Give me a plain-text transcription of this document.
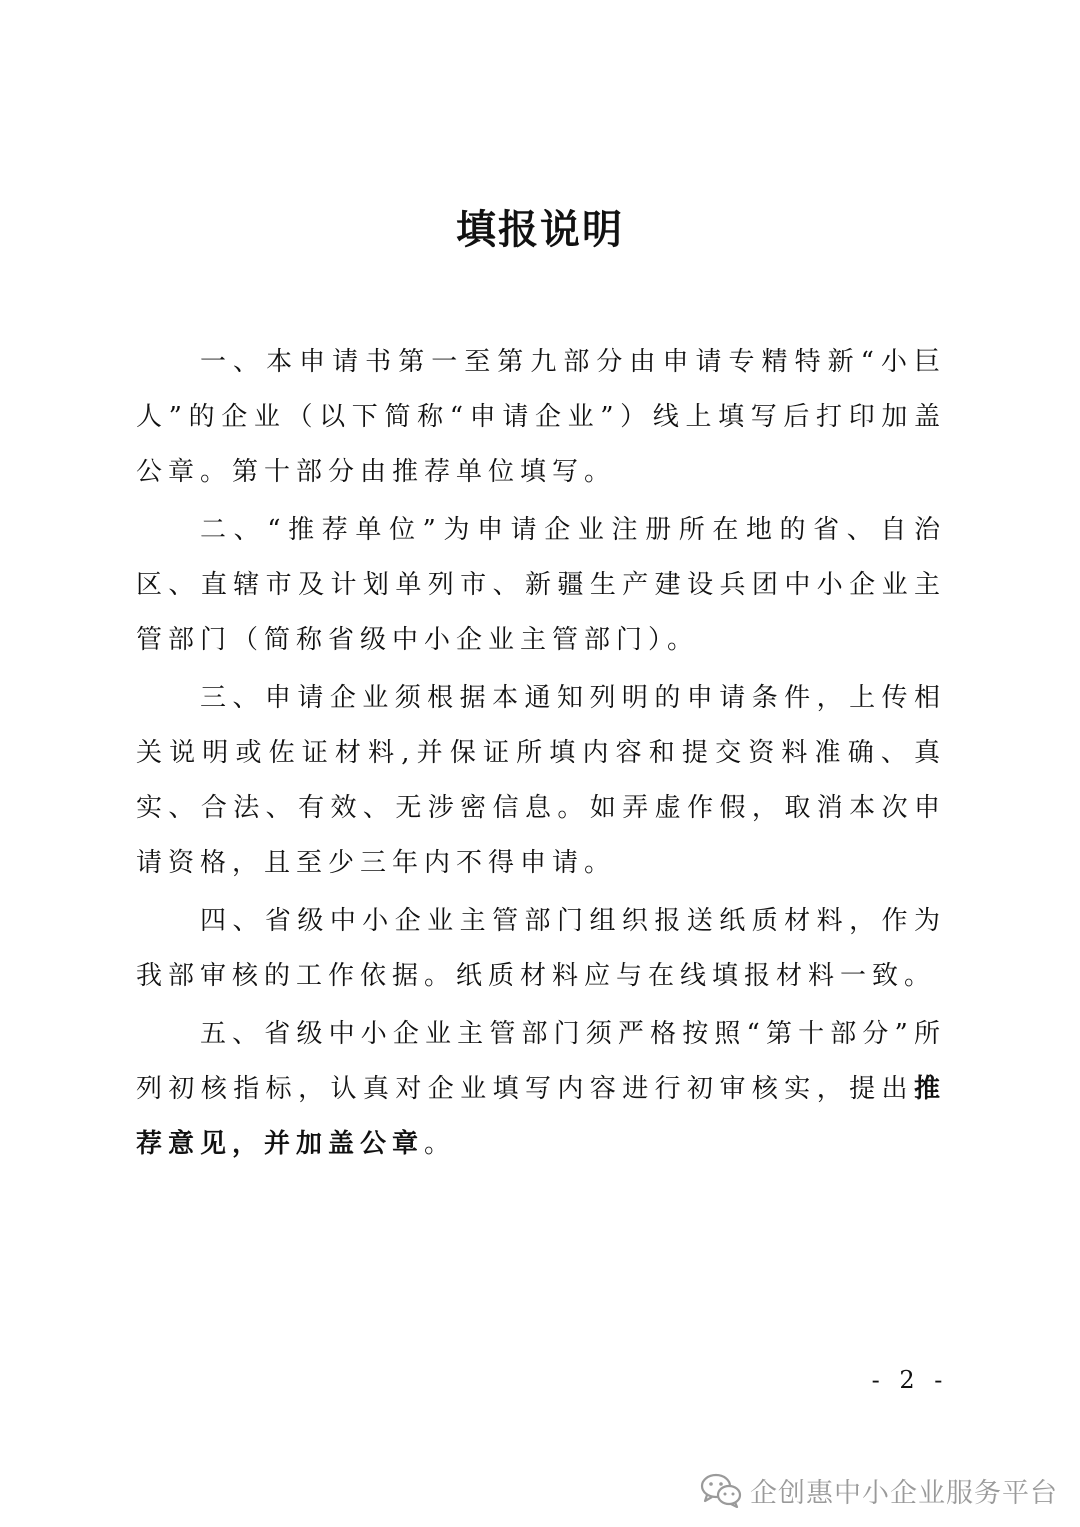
填报说明

一、本申请书第一至第九部分由申请专精特新“小巨人”的企业（以下简称“申请企业”）线上填写后打印加盖公章。第十部分由推荐单位填写。

二、“推荐单位”为申请企业注册所在地的省、自治区、直辖市及计划单列市、新疆生产建设兵团中小企业主管部门（简称省级中小企业主管部门）。

三、申请企业须根据本通知列明的申请条件，上传相关说明或佐证材料,并保证所填内容和提交资料准确、真实、合法、有效、无涉密信息。如弄虚作假，取消本次申请资格，且至少三年内不得申请。

四、省级中小企业主管部门组织报送纸质材料，作为我部审核的工作依据。纸质材料应与在线填报材料一致。

五、省级中小企业主管部门须严格按照“第十部分”所列初核指标，认真对企业填写内容进行初审核实，提出推荐意见，并加盖公章。

- 2 -
企创惠中小企业服务平台
